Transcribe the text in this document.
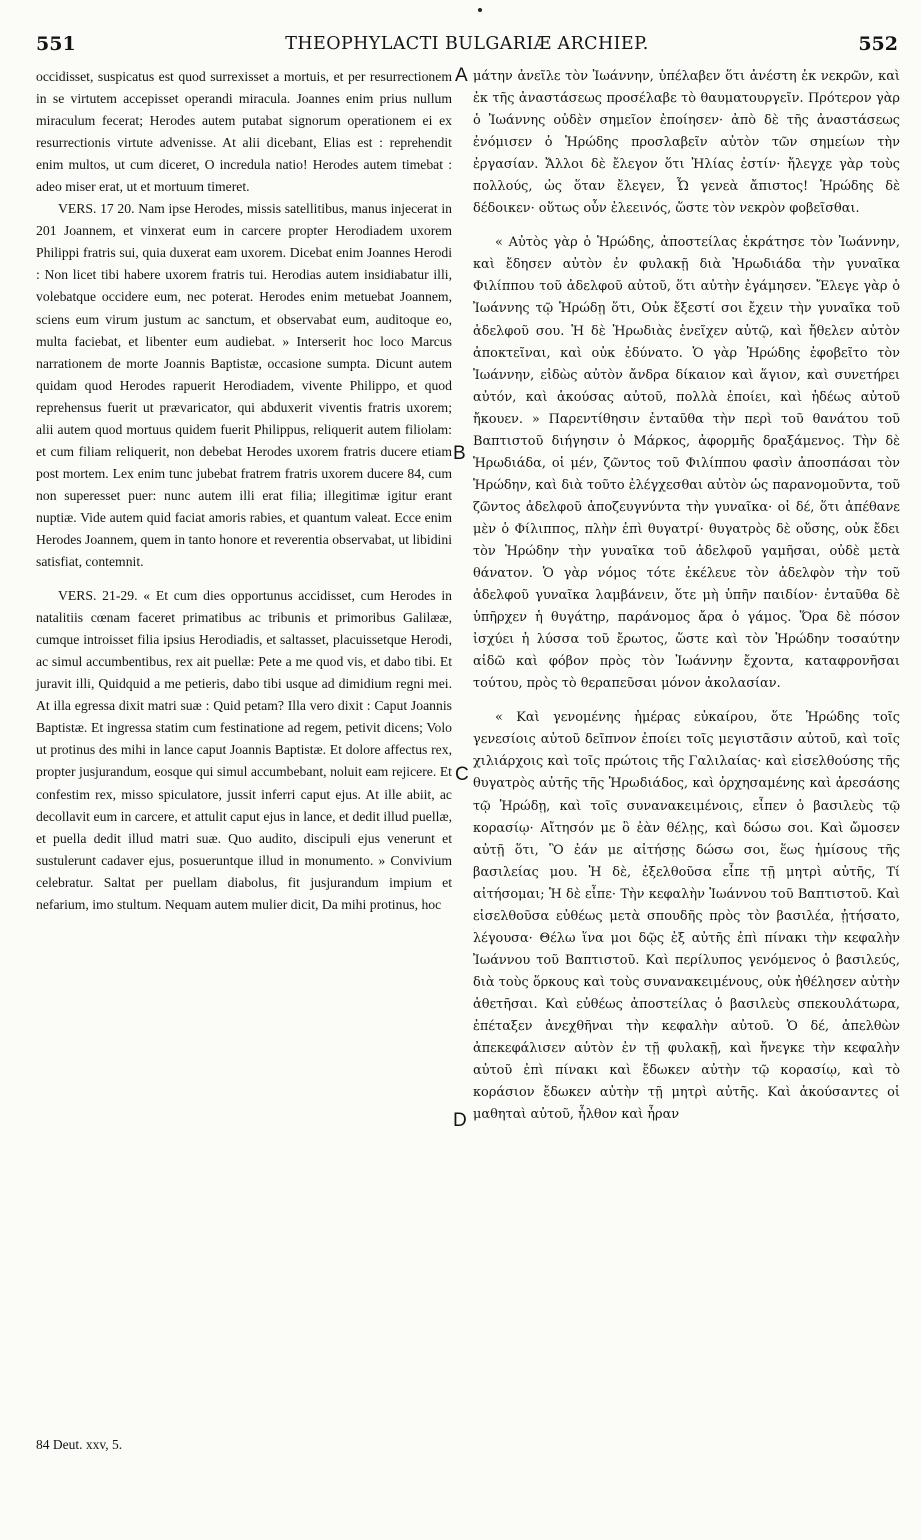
551	THEOPHYLACTI BULGARIÆ ARCHIEP.	552

occidisset, suspicatus est quod surrexisset a mortuis, et per resurrectionem in se virtutem accepisset operandi miracula. Joannes enim prius nullum miraculum fecerat; Herodes autem putabat signorum operationem ei ex resurrectionis virtute advenisse. At alii dicebant, Elias est : reprehendit enim multos, ut cum diceret, O incredula natio! Herodes autem timebat : adeo miser erat, ut et mortuum timeret.

VERS. 17 20. Nam ipse Herodes, missis satellitibus, manus injecerat in 201 Joannem, et vinxerat eum in carcere propter Herodiadem uxorem Philippi fratris sui, quia duxerat eam uxorem. Dicebat enim Joannes Herodi : Non licet tibi habere uxorem fratris tui. Herodias autem insidiabatur illi, volebatque occidere eum, nec poterat. Herodes enim metuebat Joannem, sciens eum virum justum ac sanctum, et observabat eum, auditoque eo, multa faciebat, et libenter eum audiebat. » Interserit hoc loco Marcus narrationem de morte Joannis Baptistæ, occasione sumpta. Dicunt autem quidam quod Herodes rapuerit Herodiadem, vivente Philippo, et quod reprehensus fuerit ut prævaricator, qui abduxerit viventis fratris uxorem; alii autem quod mortuus quidem fuerit Philippus, reliquerit autem filiolam: et cum filiam reliquerit, non debebat Herodes uxorem fratris ducere etiam post mortem. Lex enim tunc jubebat fratrem fratris uxorem ducere 84, cum non superesset puer: nunc autem illi erat filia; illegitimæ igitur erant nuptiæ. Vide autem quid faciat amoris rabies, et quantum valeat. Ecce enim Herodes Joannem, quem in tanto honore et reverentia observabat, ut libidini satisfiat, contemnit.

VERS. 21-29. « Et cum dies opportunus accidisset, cum Herodes in natalitiis cœnam faceret primatibus ac tribunis et primoribus Galilææ, cumque introisset filia ipsius Herodiadis, et saltasset, placuissetque Herodi, ac simul accumbentibus, rex ait puellæ: Pete a me quod vis, et dabo tibi. Et juravit illi, Quidquid a me petieris, dabo tibi usque ad dimidium regni mei. At illa egressa dixit matri suæ : Quid petam? Illa vero dixit : Caput Joannis Baptistæ. Et ingressa statim cum festinatione ad regem, petivit dicens; Volo ut protinus des mihi in lance caput Joannis Baptistæ. Et dolore affectus rex, propter jusjurandum, eosque qui simul accumbebant, noluit eam rejicere. Et confestim rex, misso spiculatore, jussit inferri caput ejus. At ille abiit, ac decollavit eum in carcere, et attulit caput ejus in lance, et dedit illud puellæ, et puella dedit illud matri suæ. Quo audito, discipuli ejus venerunt et sustulerunt cadaver ejus, posueruntque illud in monumento. » Convivium celebratur. Saltat per puellam diabolus, fit jusjurandum impium et nefarium, imo stultum. Nequam autem mulier dicit, Da mihi protinus, hoc

A
B
C
D

μάτην ἀνεῖλε τὸν Ἰωάννην, ὑπέλαβεν ὅτι ἀνέστη ἐκ νεκρῶν, καὶ ἐκ τῆς ἀναστάσεως προσέλαβε τὸ θαυματουργεῖν. Πρότερον γὰρ ὁ Ἰωάννης οὐδὲν σημεῖον ἐποίησεν· ἀπὸ δὲ τῆς ἀναστάσεως ἐνόμισεν ὁ Ἡρώδης προσλαβεῖν αὐτὸν τῶν σημείων τὴν ἐργασίαν. Ἄλλοι δὲ ἔλεγον ὅτι Ἠλίας ἐστίν· ἤλεγχε γὰρ τοὺς πολλούς, ὡς ὅταν ἔλεγεν, Ὦ γενεὰ ἄπιστος! Ἡρώδης δὲ δέδοικεν· οὕτως οὖν ἐλεεινός, ὥστε τὸν νεκρὸν φοβεῖσθαι.

« Αὐτὸς γὰρ ὁ Ἡρώδης, ἀποστείλας ἐκράτησε τὸν Ἰωάννην, καὶ ἔδησεν αὐτὸν ἐν φυλακῇ διὰ Ἡρωδιάδα τὴν γυναῖκα Φιλίππου τοῦ ἀδελφοῦ αὐτοῦ, ὅτι αὐτὴν ἐγάμησεν. Ἔλεγε γὰρ ὁ Ἰωάννης τῷ Ἡρώδῃ ὅτι, Οὐκ ἔξεστί σοι ἔχειν τὴν γυναῖκα τοῦ ἀδελφοῦ σου. Ἡ δὲ Ἡρωδιὰς ἐνεῖχεν αὐτῷ, καὶ ἤθελεν αὐτὸν ἀποκτεῖναι, καὶ οὐκ ἐδύνατο. Ὁ γὰρ Ἡρώδης ἐφοβεῖτο τὸν Ἰωάννην, εἰδὼς αὐτὸν ἄνδρα δίκαιον καὶ ἅγιον, καὶ συνετήρει αὐτόν, καὶ ἀκούσας αὐτοῦ, πολλὰ ἐποίει, καὶ ἡδέως αὐτοῦ ἤκουεν. » Παρεντίθησιν ἐνταῦθα τὴν περὶ τοῦ θανάτου τοῦ Βαπτιστοῦ διήγησιν ὁ Μάρκος, ἀφορμῆς δραξάμενος. Τὴν δὲ Ἡρωδιάδα, οἱ μέν, ζῶντος τοῦ Φιλίππου φασὶν ἀποσπάσαι τὸν Ἡρώδην, καὶ διὰ τοῦτο ἐλέγχεσθαι αὐτὸν ὡς παρανομοῦντα, τοῦ ζῶντος ἀδελφοῦ ἀποζευγνύντα τὴν γυναῖκα· οἱ δέ, ὅτι ἀπέθανε μὲν ὁ Φίλιππος, πλὴν ἐπὶ θυγατρί· θυγατρὸς δὲ οὔσης, οὐκ ἔδει τὸν Ἡρώδην τὴν γυναῖκα τοῦ ἀδελφοῦ γαμῆσαι, οὐδὲ μετὰ θάνατον. Ὁ γὰρ νόμος τότε ἐκέλευε τὸν ἀδελφὸν τὴν τοῦ ἀδελφοῦ γυναῖκα λαμβάνειν, ὅτε μὴ ὑπῆν παιδίον· ἐνταῦθα δὲ ὑπῆρχεν ἡ θυγάτηρ, παράνομος ἄρα ὁ γάμος. Ὅρα δὲ πόσον ἰσχύει ἡ λύσσα τοῦ ἔρωτος, ὥστε καὶ τὸν Ἡρώδην τοσαύτην αἰδῶ καὶ φόβον πρὸς τὸν Ἰωάννην ἔχοντα, καταφρονῆσαι τούτου, πρὸς τὸ θεραπεῦσαι μόνον ἀκολασίαν.

« Καὶ γενομένης ἡμέρας εὐκαίρου, ὅτε Ἡρώδης τοῖς γενεσίοις αὐτοῦ δεῖπνον ἐποίει τοῖς μεγιστᾶσιν αὐτοῦ, καὶ τοῖς χιλιάρχοις καὶ τοῖς πρώτοις τῆς Γαλιλαίας· καὶ εἰσελθούσης τῆς θυγατρὸς αὐτῆς τῆς Ἡρωδιάδος, καὶ ὀρχησαμένης καὶ ἀρεσάσης τῷ Ἡρώδῃ, καὶ τοῖς συνανακειμένοις, εἶπεν ὁ βασιλεὺς τῷ κορασίῳ· Αἴτησόν με ὃ ἐὰν θέλῃς, καὶ δώσω σοι. Καὶ ὤμοσεν αὐτῇ ὅτι, Ὃ ἐάν με αἰτήσῃς δώσω σοι, ἕως ἡμίσους τῆς βασιλείας μου. Ἡ δὲ, ἐξελθοῦσα εἶπε τῇ μητρὶ αὐτῆς, Τί αἰτήσομαι; Ἡ δὲ εἶπε· Τὴν κεφαλὴν Ἰωάννου τοῦ Βαπτιστοῦ. Καὶ εἰσελθοῦσα εὐθέως μετὰ σπουδῆς πρὸς τὸν βασιλέα, ᾐτήσατο, λέγουσα· Θέλω ἵνα μοι δῷς ἐξ αὐτῆς ἐπὶ πίνακι τὴν κεφαλὴν Ἰωάννου τοῦ Βαπτιστοῦ. Καὶ περίλυπος γενόμενος ὁ βασιλεύς, διὰ τοὺς ὅρκους καὶ τοὺς συνανακειμένους, οὐκ ἠθέλησεν αὐτὴν ἀθετῆσαι. Καὶ εὐθέως ἀποστείλας ὁ βασιλεὺς σπεκουλάτωρα, ἐπέταξεν ἀνεχθῆναι τὴν κεφαλὴν αὐτοῦ. Ὁ δέ, ἀπελθὼν ἀπεκεφάλισεν αὐτὸν ἐν τῇ φυλακῇ, καὶ ἤνεγκε τὴν κεφαλὴν αὐτοῦ ἐπὶ πίνακι καὶ ἔδωκεν αὐτὴν τῷ κορασίῳ, καὶ τὸ κοράσιον ἔδωκεν αὐτὴν τῇ μητρὶ αὐτῆς. Καὶ ἀκούσαντες οἱ μαθηταὶ αὐτοῦ, ἦλθον καὶ ἦραν

84 Deut. xxv, 5.
